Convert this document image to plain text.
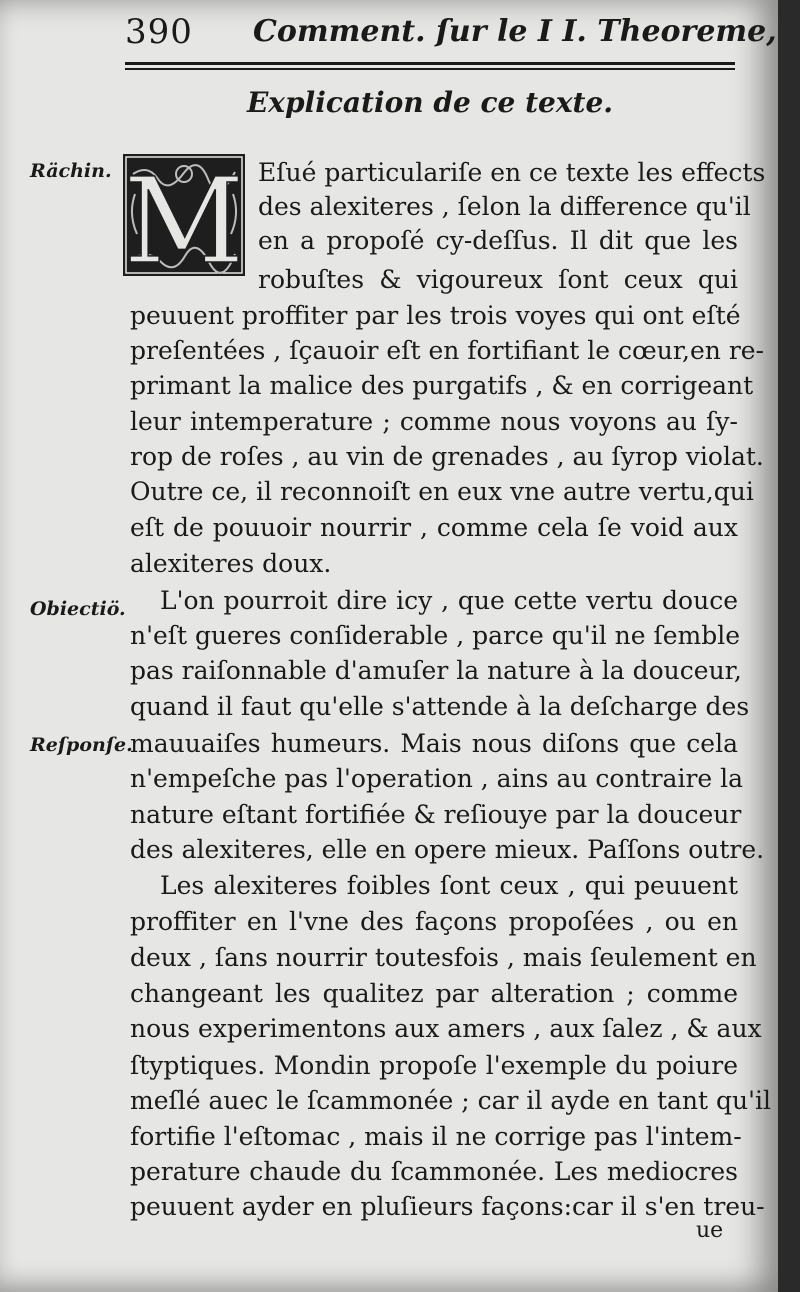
390 Comment. ſur le I I. Theoreme,
Explication de ce texte.
Rächin.
Obiectiö.
Reſponſe.
M Eſué particulariſe en ce texte les effects
des alexiteres , ſelon la difference qu'il
en a propoſé cy-deſſus. Il dit que les
robuſtes & vigoureux ſont ceux qui
peuuent proffiter par les trois voyes qui ont eſté
preſentées , ſçauoir eſt en fortifiant le cœur,en re-
primant la malice des purgatifs , & en corrigeant
leur intemperature ; comme nous voyons au ſy-
rop de roſes , au vin de grenades , au ſyrop violat.
Outre ce, il reconnoiſt en eux vne autre vertu,qui
eſt de pouuoir nourrir , comme cela ſe void aux
alexiteres doux.
L'on pourroit dire icy , que cette vertu douce
n'eſt gueres conſiderable , parce qu'il ne ſemble
pas raiſonnable d'amuſer la nature à la douceur,
quand il faut qu'elle s'attende à la deſcharge des
mauuaiſes humeurs. Mais nous diſons que cela
n'empeſche pas l'operation , ains au contraire la
nature eſtant fortifiée & reſiouye par la douceur
des alexiteres, elle en opere mieux. Paſſons outre.
Les alexiteres foibles ſont ceux , qui peuuent
proffiter en l'vne des façons propoſées , ou en
deux , ſans nourrir toutesfois , mais ſeulement en
changeant les qualitez par alteration ; comme
nous experimentons aux amers , aux ſalez , & aux
ſtyptiques. Mondin propoſe l'exemple du poiure
meſlé auec le ſcammonée ; car il ayde en tant qu'il
fortifie l'eſtomac , mais il ne corrige pas l'intem-
perature chaude du ſcammonée. Les mediocres
peuuent ayder en pluſieurs façons:car il s'en treu-
ue
